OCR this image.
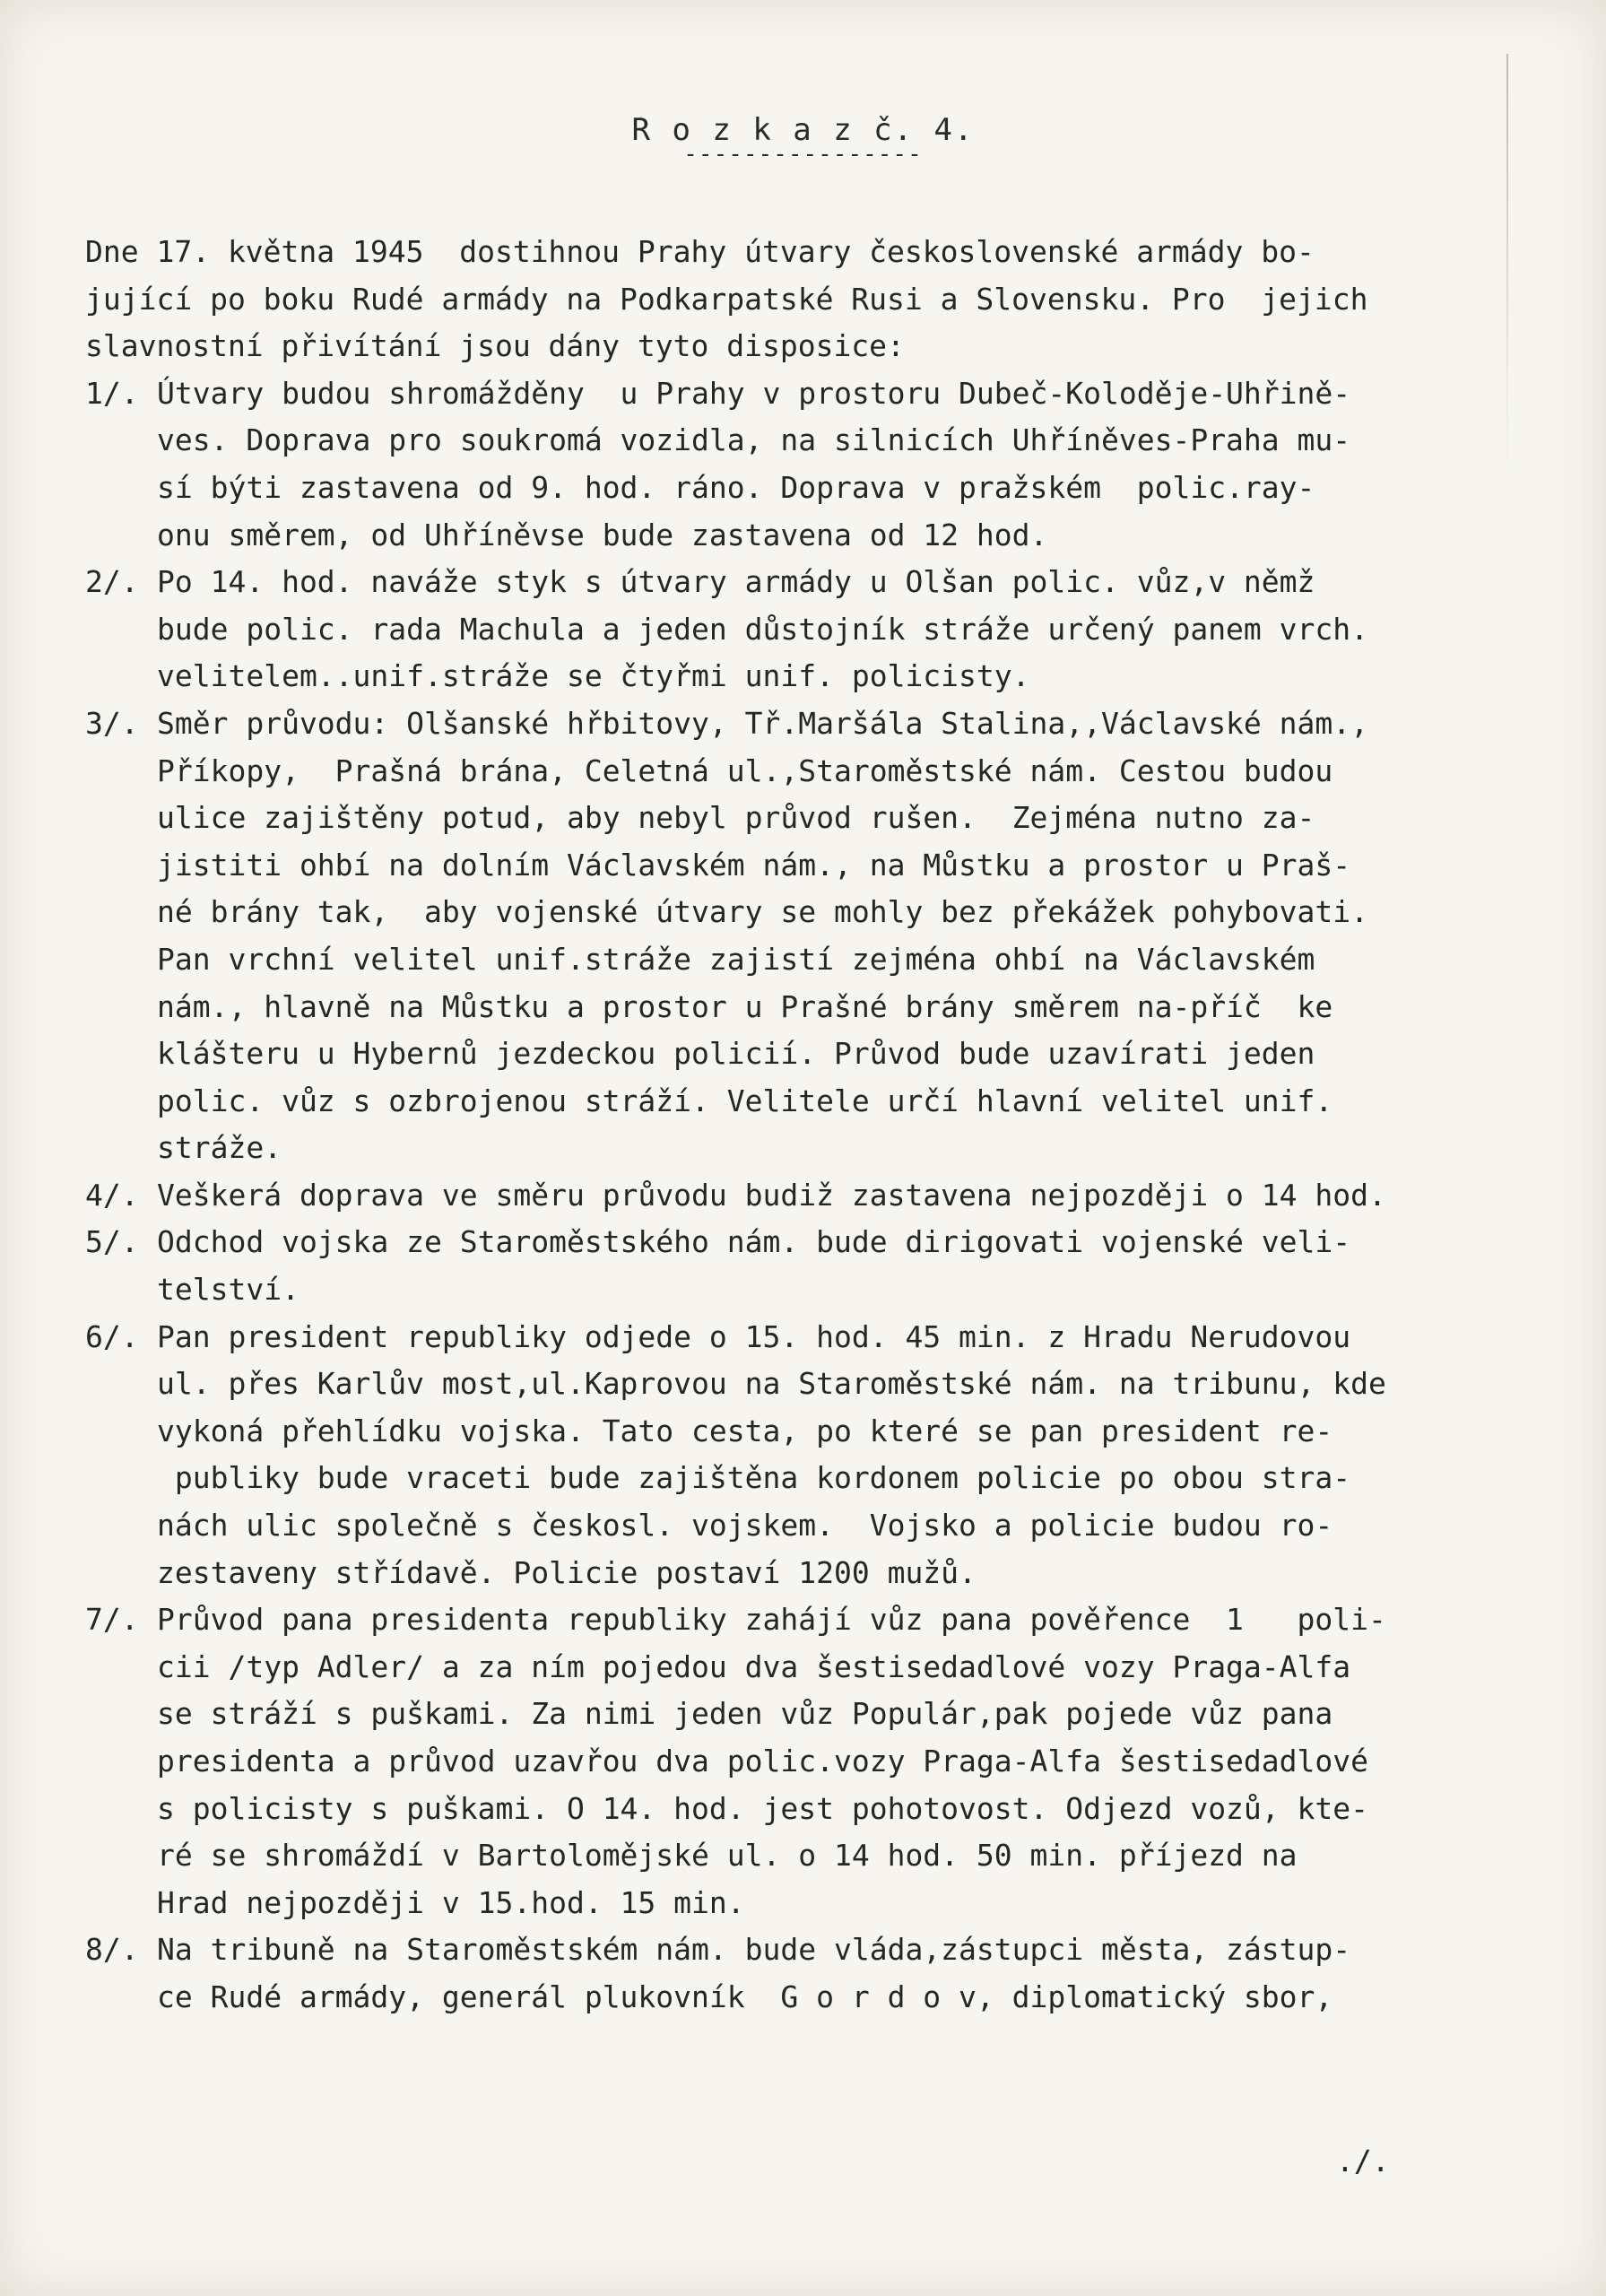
R o z k a z č. 4.
----------------
Dne 17. května 1945  dostihnou Prahy útvary československé armády bo-
jující po boku Rudé armády na Podkarpatské Rusi a Slovensku. Pro  jejich
slavnostní přivítání jsou dány tyto disposice:
1/. Útvary budou shromážděny  u Prahy v prostoru Dubeč-Koloděje-Uhřině-
ves. Doprava pro soukromá vozidla, na silnicích Uhříněves-Praha mu-
sí býti zastavena od 9. hod. ráno. Doprava v pražském  polic.ray-
onu směrem, od Uhříněvse bude zastavena od 12 hod.
2/. Po 14. hod. naváže styk s útvary armády u Olšan polic. vůz,v němž
bude polic. rada Machula a jeden důstojník stráže určený panem vrch.
velitelem..unif.stráže se čtyřmi unif. policisty.
3/. Směr průvodu: Olšanské hřbitovy, Tř.Maršála Stalina,,Václavské nám.,
Příkopy,  Prašná brána, Celetná ul.,Staroměstské nám. Cestou budou
ulice zajištěny potud, aby nebyl průvod rušen.  Zejména nutno za-
jistiti ohbí na dolním Václavském nám., na Můstku a prostor u Praš-
né brány tak,  aby vojenské útvary se mohly bez překážek pohybovati.
Pan vrchní velitel unif.stráže zajistí zejména ohbí na Václavském
nám., hlavně na Můstku a prostor u Prašné brány směrem na-příč  ke
klášteru u Hybernů jezdeckou policií. Průvod bude uzavírati jeden
polic. vůz s ozbrojenou stráží. Velitele určí hlavní velitel unif.
stráže.
4/. Veškerá doprava ve směru průvodu budiž zastavena nejpozději o 14 hod.
5/. Odchod vojska ze Staroměstského nám. bude dirigovati vojenské veli-
telství.
6/. Pan president republiky odjede o 15. hod. 45 min. z Hradu Nerudovou
ul. přes Karlův most,ul.Kaprovou na Staroměstské nám. na tribunu, kde
vykoná přehlídku vojska. Tato cesta, po které se pan president re-
publiky bude vraceti bude zajištěna kordonem policie po obou stra-
nách ulic společně s českosl. vojskem.  Vojsko a policie budou ro-
zestaveny střídavě. Policie postaví 1200 mužů.
7/. Průvod pana presidenta republiky zahájí vůz pana pověřence  1   poli-
cii /typ Adler/ a za ním pojedou dva šestisedadlové vozy Praga-Alfa
se stráží s puškami. Za nimi jeden vůz Populár,pak pojede vůz pana
presidenta a průvod uzavřou dva polic.vozy Praga-Alfa šestisedadlové
s policisty s puškami. O 14. hod. jest pohotovost. Odjezd vozů, kte-
ré se shromáždí v Bartolomějské ul. o 14 hod. 50 min. příjezd na
Hrad nejpozději v 15.hod. 15 min.
8/. Na tribuně na Staroměstském nám. bude vláda,zástupci města, zástup-
ce Rudé armády, generál plukovník  G o r d o v, diplomatický sbor,
./.
